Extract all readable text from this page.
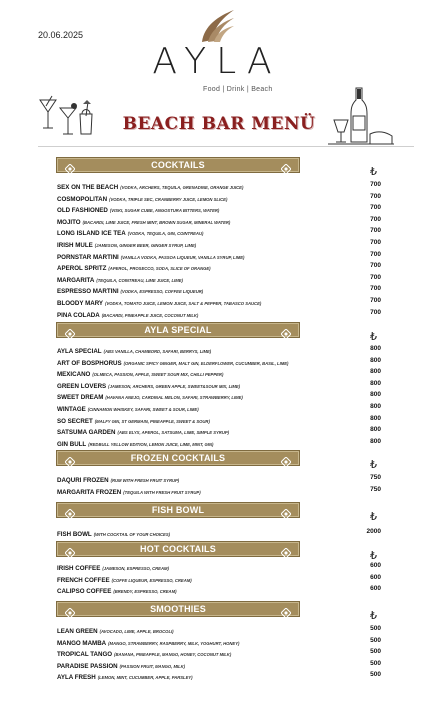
20.06.2025
AYLA
Food | Drink | Beach
BEACH BAR MENÜ
COCKTAILS	₺
SEX ON THE BEACH (VODKA, ARCHERS, TEQUILA, GRENADINE, ORANGE JUICE)	700
COSMOPOLITAN (VODKA, TRIPLE SEC, CRANBERRY JUICE, LEMON SLICE)	700
OLD FASHIONED (VISKI, SUGAR CUBE, ANGOSTURA BITTERS, WATER)	700
MOJITO (BACARDI, LIME JUICE, FRESH MINT, BROWN SUGAR, MINERAL WATER)	700
LONG ISLAND ICE TEA (VODKA, TEQUILA, GIN, COINTREAU)	700
IRISH MULE (JAMESON, GINGER BEER, GINGER SYRUP, LIME)	700
PORNSTAR MARTINI (VANILLA VODKA, PASSOA LIQUEUR, VANILLA SYRUP, LIME)	700
APEROL SPRITZ (APEROL, PROSECCO, SODA, SLICE OF ORANGE)	700
MARGARITA (TEQUILA, COINTREAU, LIME JUICE, LIME)	700
ESPRESSO MARTINI (VODKA, ESPRESSO, COFFEE LIQUEUR)	700
BLOODY MARY (VODKA, TOMATO JUICE, LEMON JUICE, SALT & PEPPER, TABASCO SAUCE)	700
PINA COLADA (BACARDI, PINEAPPLE JUICE, COCONUT MILK)	700
AYLA SPECIAL	₺
AYLA SPECIAL (ABS VANILLA, CHAMBORD, SAFARI, BERRYS, LIME)	800
ART OF BOSPHORUS (ORGANIC SPICY GINGER, MALT GIN, ELDERFLOWER, CUCUMBER, BASIL, LIME)	800
MEXICANO (OLMECA, PASSION, APPLE, SWEET SOUR MIX, CHILLI PEPPER)	800
GREEN LOVERS (JAMESON, ARCHERS, GREEN APPLE, SWEET&SOUR MIX, LIME)	800
SWEET DREAM (HAVANA ANEJO, CARDINAL MELON, SAFARI, STRAWBERRY, LIME)	800
WINTAGE (CINNAMON WHISKEY, SAFARI, SWEET & SOUR, LIME)	800
SO SECRET (MALFY GIN, ST GERMAIN, PINEAPPLE, SWEET & SOUR)	800
SATSUMA GARDEN (ABS ELYX, APEROL, SATSUMA, LIME, SIMPLE SYRUP)	800
GIN BULL (REDBULL YELLOW EDITION, LEMON JUICE, LIME, MINT, GIN)	800
FROZEN COCKTAILS	₺
DAQURI FROZEN (RUM WITH FRESH FRUIT SYRUP)	750
MARGARITA FROZEN (TEQUILA WITH FRESH FRUIT SYRUP)	750
FISH BOWL	₺
FISH BOWL (WITH COCKTAIL OF YOUR CHOICES)	2000
HOT COCKTAILS	₺
IRISH COFFEE (JAMESON, ESPRESSO, CREAM)	600
FRENCH COFFEE (COFFE LIQUEUR, ESPRESSO, CREAM)	600
CALIPSO COFFEE (BRENDY, ESPRESSO, CREAM)	600
SMOOTHIES	₺
LEAN GREEN (AVOCADO, LIME, APPLE, BROCOLI)	500
MANGO MAMBA (MANGO, STRAWBERRY, RASPBERRY, MILK, YOGHURT, HONEY)	500
TROPICAL TANGO (BANANA, PINEAPPLE, MANGO, HONEY, COCONUT MILK)	500
PARADISE PASSION (PASSION FRUIT, MANGO, MILK)	500
AYLA FRESH (LEMON, MINT, CUCUMBER, APPLE, PARSLEY)	500
